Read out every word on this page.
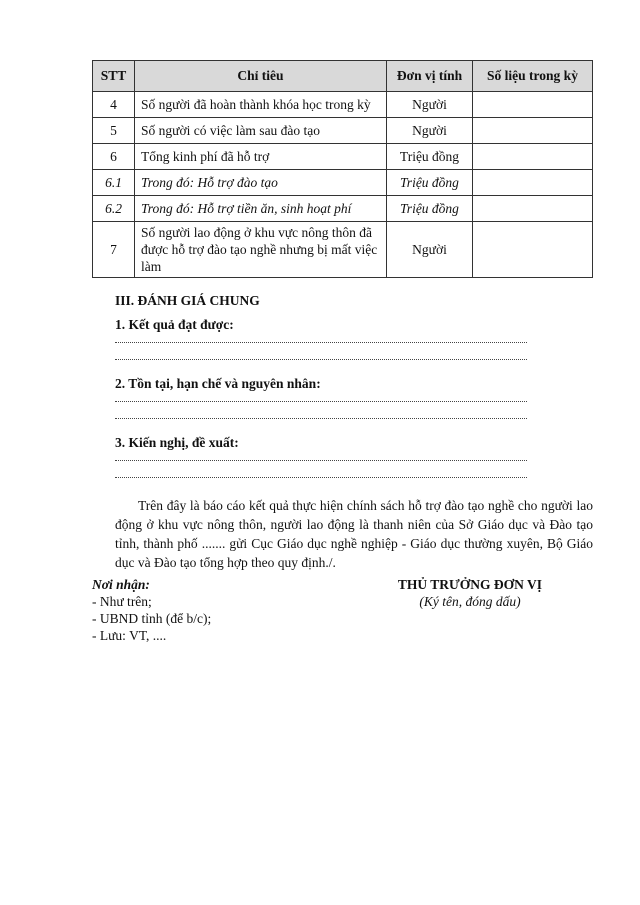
STT	Chỉ tiêu	Đơn vị tính	Số liệu trong kỳ
4	Số người đã hoàn thành khóa học trong kỳ	Người	
5	Số người có việc làm sau đào tạo	Người	
6	Tổng kinh phí đã hỗ trợ	Triệu đồng	
6.1	Trong đó: Hỗ trợ đào tạo	Triệu đồng	
6.2	Trong đó: Hỗ trợ tiền ăn, sinh hoạt phí	Triệu đồng	
7	Số người lao động ở khu vực nông thôn đã được hỗ trợ đào tạo nghề nhưng bị mất việc làm	Người	
III. ĐÁNH GIÁ CHUNG
1. Kết quả đạt được:
2. Tồn tại, hạn chế và nguyên nhân:
3. Kiến nghị, đề xuất:

Trên đây là báo cáo kết quả thực hiện chính sách hỗ trợ đào tạo nghề cho người lao động ở khu vực nông thôn, người lao động là thanh niên của Sở Giáo dục và Đào tạo tỉnh, thành phố ....... gửi Cục Giáo dục nghề nghiệp - Giáo dục thường xuyên, Bộ Giáo dục và Đào tạo tổng hợp theo quy định./.

Nơi nhận:
- Như trên;
- UBND tỉnh (để b/c);
- Lưu: VT, ....
THỦ TRƯỞNG ĐƠN VỊ
(Ký tên, đóng dấu)
